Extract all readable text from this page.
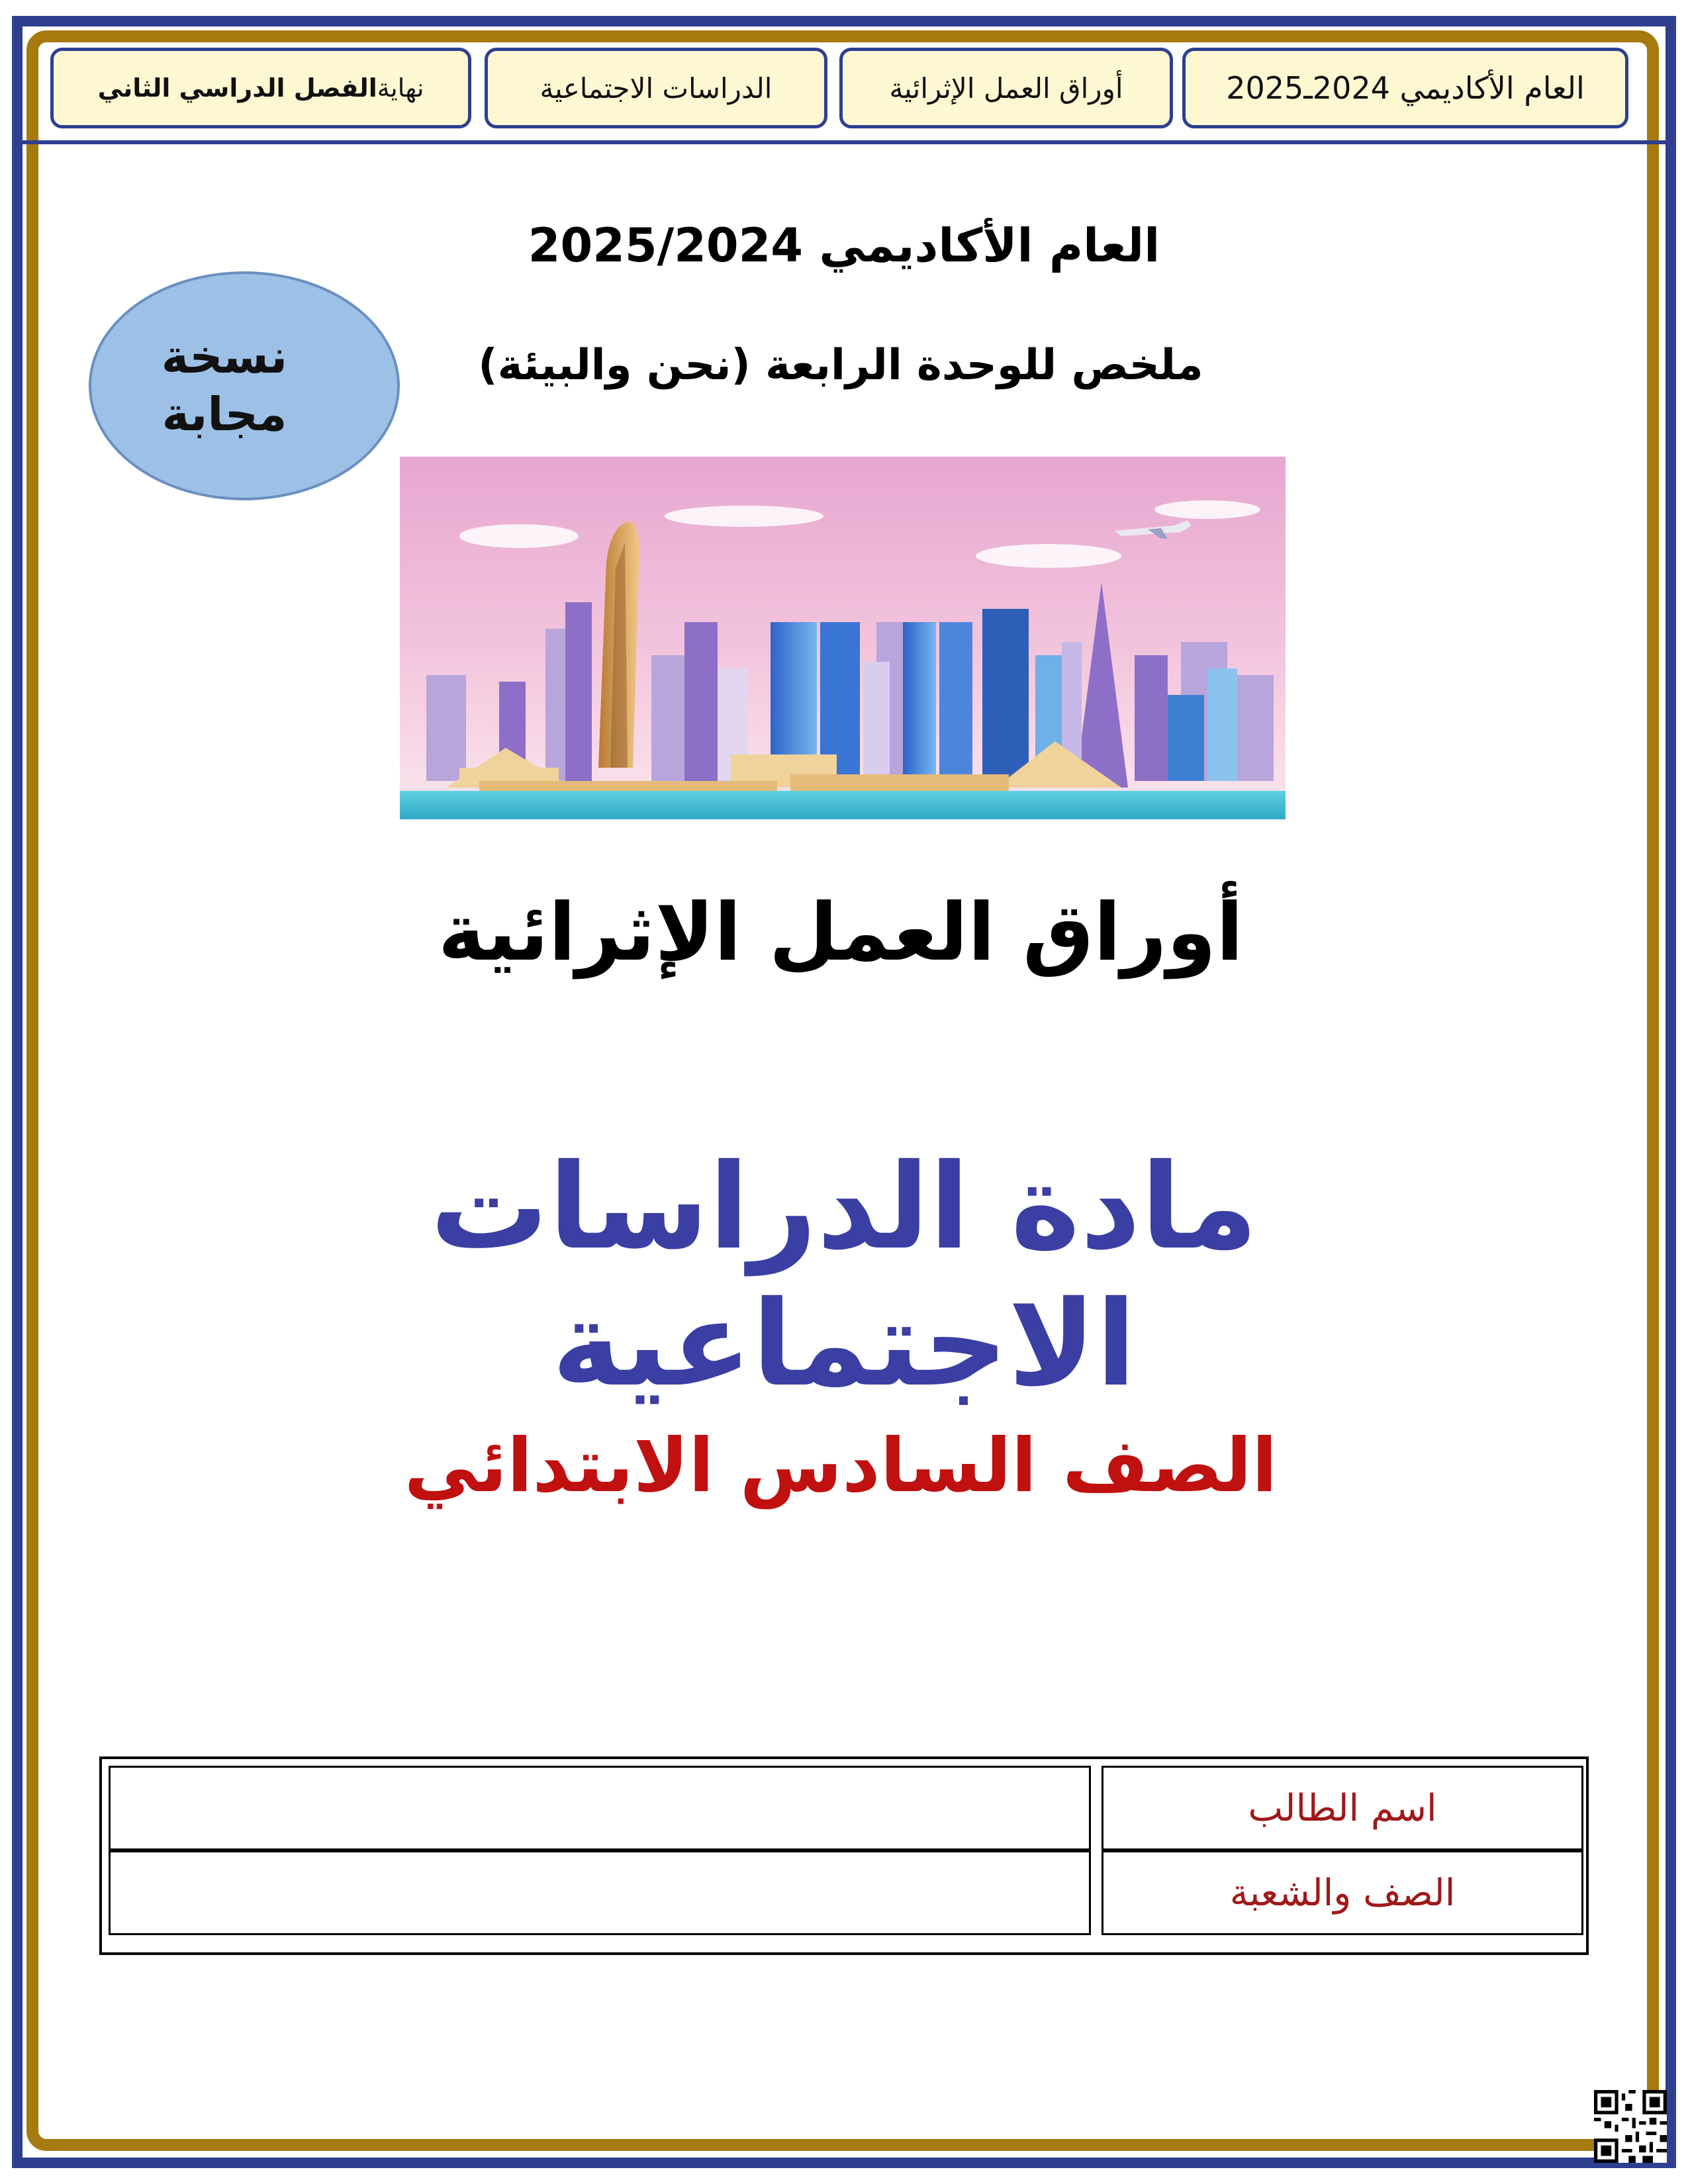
العام الأكاديمي 2024ـ2025
أوراق العمل الإثرائية
الدراسات الاجتماعية
نهاية
الفصل الدراسي الثاني
العام الأكاديمي 2025/2024
ملخص للوحدة الرابعة (نحن والبيئة)
نسخة
مجابة
أوراق العمل الإثرائية
مادة الدراسات الاجتماعية
الصف السادس الابتدائي
اسم الطالب
الصف والشعبة
